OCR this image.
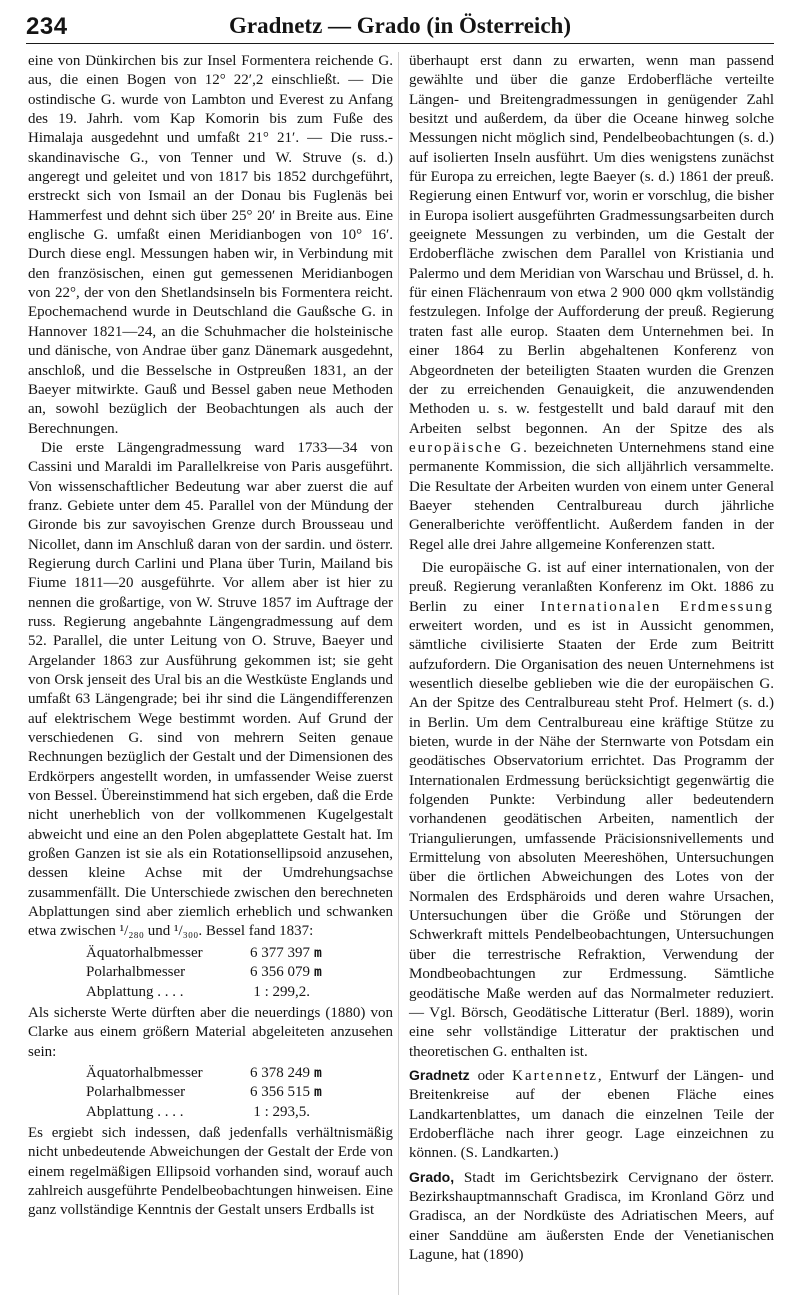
234	Gradnetz — Grado (in Österreich)

eine von Dünkirchen bis zur Insel Formentera reichende G. aus, die einen Bogen von 12° 22′,2 einschließt. — Die ostindische G. wurde von Lambton und Everest zu Anfang des 19. Jahrh. vom Kap Komorin bis zum Fuße des Himalaja ausgedehnt und umfaßt 21° 21′. — Die russ.-skandinavische G., von Tenner und W. Struve (s. d.) angeregt und geleitet und von 1817 bis 1852 durchgeführt, erstreckt sich von Ismail an der Donau bis Fuglenäs bei Hammerfest und dehnt sich über 25° 20′ in Breite aus. Eine englische G. umfaßt einen Meridianbogen von 10° 16′. Durch diese engl. Messungen haben wir, in Verbindung mit den französischen, einen gut gemessenen Meridianbogen von 22°, der von den Shetlandsinseln bis Formentera reicht. Epochemachend wurde in Deutschland die Gaußsche G. in Hannover 1821—24, an die Schuhmacher die holsteinische und dänische, von Andrae über ganz Dänemark ausgedehnt, anschloß, und die Besselsche in Ostpreußen 1831, an der Baeyer mitwirkte. Gauß und Bessel gaben neue Methoden an, sowohl bezüglich der Beobachtungen als auch der Berechnungen.

Die erste Längengradmessung ward 1733—34 von Cassini und Maraldi im Parallelkreise von Paris ausgeführt. Von wissenschaftlicher Bedeutung war aber zuerst die auf franz. Gebiete unter dem 45. Parallel von der Mündung der Gironde bis zur savoyischen Grenze durch Brousseau und Nicollet, dann im Anschluß daran von der sardin. und österr. Regierung durch Carlini und Plana über Turin, Mailand bis Fiume 1811—20 ausgeführte. Vor allem aber ist hier zu nennen die großartige, von W. Struve 1857 im Auftrage der russ. Regierung angebahnte Längengradmessung auf dem 52. Parallel, die unter Leitung von O. Struve, Baeyer und Argelander 1863 zur Ausführung gekommen ist; sie geht von Orsk jenseit des Ural bis an die Westküste Englands und umfaßt 63 Längengrade; bei ihr sind die Längendifferenzen auf elektrischem Wege bestimmt worden. Auf Grund der verschiedenen G. sind von mehrern Seiten genaue Rechnungen bezüglich der Gestalt und der Dimensionen des Erdkörpers angestellt worden, in umfassender Weise zuerst von Bessel. Übereinstimmend hat sich ergeben, daß die Erde nicht unerheblich von der vollkommenen Kugelgestalt abweicht und eine an den Polen abgeplattete Gestalt hat. Im großen Ganzen ist sie als ein Rotationsellipsoid anzusehen, dessen kleine Achse mit der Umdrehungsachse zusammenfällt. Die Unterschiede zwischen den berechneten Abplattungen sind aber ziemlich erheblich und schwanken etwa zwischen ¹/₂₈₀ und ¹/₃₀₀. Bessel fand 1837:

Äquatorhalbmesser	6 377 397	m
Polarhalbmesser	6 356 079	m
Abplattung . . . .	1 : 299,2.	

Als sicherste Werte dürften aber die neuerdings (1880) von Clarke aus einem größern Material abgeleiteten anzusehen sein:

Äquatorhalbmesser	6 378 249	m
Polarhalbmesser	6 356 515	m
Abplattung . . . .	1 : 293,5.	

Es ergiebt sich indessen, daß jedenfalls verhältnismäßig nicht unbedeutende Abweichungen der Gestalt der Erde von einem regelmäßigen Ellipsoid vorhanden sind, worauf auch zahlreich ausgeführte Pendelbeobachtungen hinweisen. Eine ganz vollständige Kenntnis der Gestalt unsers Erdballs ist

überhaupt erst dann zu erwarten, wenn man passend gewählte und über die ganze Erdoberfläche verteilte Längen- und Breitengradmessungen in genügender Zahl besitzt und außerdem, da über die Oceane hinweg solche Messungen nicht möglich sind, Pendelbeobachtungen (s. d.) auf isolierten Inseln ausführt. Um dies wenigstens zunächst für Europa zu erreichen, legte Baeyer (s. d.) 1861 der preuß. Regierung einen Entwurf vor, worin er vorschlug, die bisher in Europa isoliert ausgeführten Gradmessungsarbeiten durch geeignete Messungen zu verbinden, um die Gestalt der Erdoberfläche zwischen dem Parallel von Kristiania und Palermo und dem Meridian von Warschau und Brüssel, d. h. für einen Flächenraum von etwa 2 900 000 qkm vollständig festzulegen. Infolge der Aufforderung der preuß. Regierung traten fast alle europ. Staaten dem Unternehmen bei. In einer 1864 zu Berlin abgehaltenen Konferenz von Abgeordneten der beteiligten Staaten wurden die Grenzen der zu erreichenden Genauigkeit, die anzuwendenden Methoden u. s. w. festgestellt und bald darauf mit den Arbeiten selbst begonnen. An der Spitze des als europäische G. bezeichneten Unternehmens stand eine permanente Kommission, die sich alljährlich versammelte. Die Resultate der Arbeiten wurden von einem unter General Baeyer stehenden Centralbureau durch jährliche Generalberichte veröffentlicht. Außerdem fanden in der Regel alle drei Jahre allgemeine Konferenzen statt.

Die europäische G. ist auf einer internationalen, von der preuß. Regierung veranlaßten Konferenz im Okt. 1886 zu Berlin zu einer Internationalen Erdmessung erweitert worden, und es ist in Aussicht genommen, sämtliche civilisierte Staaten der Erde zum Beitritt aufzufordern. Die Organisation des neuen Unternehmens ist wesentlich dieselbe geblieben wie die der europäischen G. An der Spitze des Centralbureau steht Prof. Helmert (s. d.) in Berlin. Um dem Centralbureau eine kräftige Stütze zu bieten, wurde in der Nähe der Sternwarte von Potsdam ein geodätisches Observatorium errichtet. Das Programm der Internationalen Erdmessung berücksichtigt gegenwärtig die folgenden Punkte: Verbindung aller bedeutendern vorhandenen geodätischen Arbeiten, namentlich der Triangulierungen, umfassende Präcisionsnivellements und Ermittelung von absoluten Meereshöhen, Untersuchungen über die örtlichen Abweichungen des Lotes von der Normalen des Erdsphäroids und deren wahre Ursachen, Untersuchungen über die Größe und Störungen der Schwerkraft mittels Pendelbeobachtungen, Untersuchungen über die terrestrische Refraktion, Verwendung der Mondbeobachtungen zur Erdmessung. Sämtliche geodätische Maße werden auf das Normalmeter reduziert. — Vgl. Börsch, Geodätische Litteratur (Berl. 1889), worin eine sehr vollständige Litteratur der praktischen und theoretischen G. enthalten ist.

Gradnetz oder Kartennetz, Entwurf der Längen- und Breitenkreise auf der ebenen Fläche eines Landkartenblattes, um danach die einzelnen Teile der Erdoberfläche nach ihrer geogr. Lage einzeichnen zu können. (S. Landkarten.)

Grado, Stadt im Gerichtsbezirk Cervignano der österr. Bezirkshauptmannschaft Gradisca, im Kronland Görz und Gradisca, an der Nordküste des Adriatischen Meers, auf einer Sanddüne am äußersten Ende der Venetianischen Lagune, hat (1890)
